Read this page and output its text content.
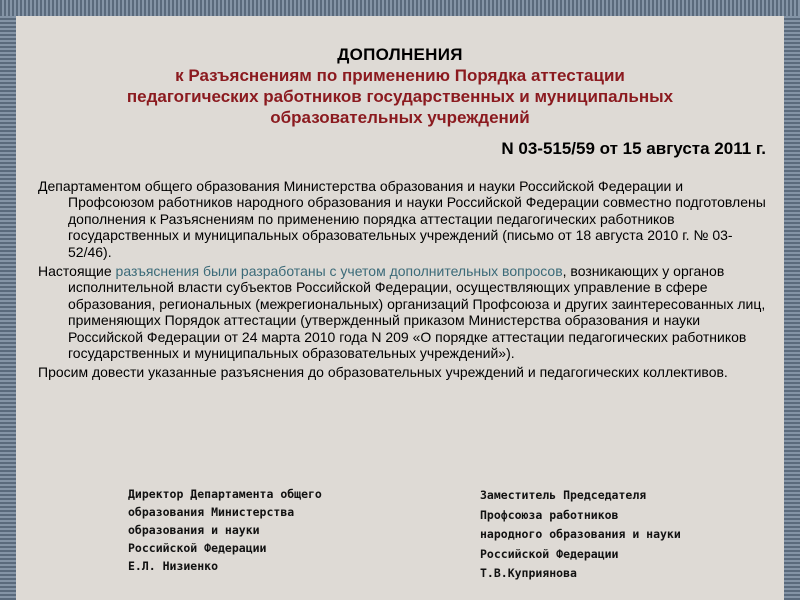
ДОПОЛНЕНИЯ
к Разъяснениям по применению Порядка аттестации
педагогических работников государственных и муниципальных
образовательных учреждений
N 03-515/59 от 15 августа 2011 г.

Департаментом общего образования Министерства образования и науки Российской Федерации и Профсоюзом работников народного образования и науки Российской Федерации совместно подготовлены дополнения к Разъяснениям по применению порядка аттестации педагогических работников государственных и муниципальных образовательных учреждений (письмо от 18 августа 2010 г. № 03-52/46).

Настоящие разъяснения были разработаны с учетом дополнительных вопросов, возникающих у органов исполнительной власти субъектов Российской Федерации, осуществляющих управление в сфере образования, региональных (межрегиональных) организаций Профсоюза и других заинтересованных лиц, применяющих Порядок аттестации (утвержденный приказом Министерства образования и науки Российской Федерации от 24 марта 2010 года N 209 «О порядке аттестации педагогических работников государственных и муниципальных образовательных учреждений»).

Просим довести указанные разъяснения до образовательных учреждений и педагогических коллективов.

Директор Департамента общего
образования Министерства
образования и науки
Российской Федерации
Е.Л. Низиенко
Заместитель Председателя
Профсоюза работников
народного образования и науки
Российской Федерации
Т.В.Куприянова
